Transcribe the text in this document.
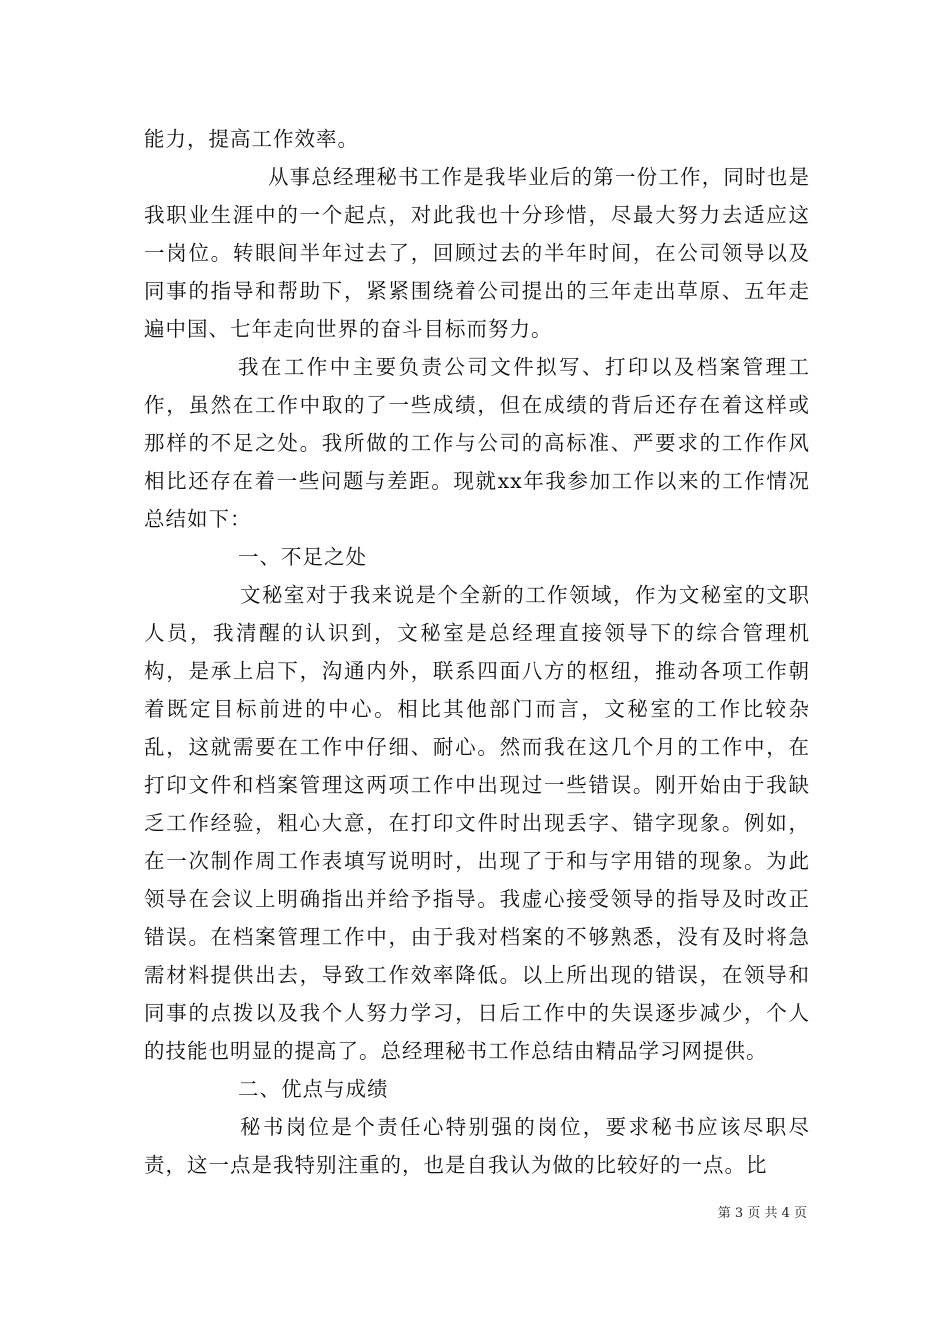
能力，提高工作效率。

从事总经理秘书工作是我毕业后的第一份工作，同时也是我职业生涯中的一个起点，对此我也十分珍惜，尽最大努力去适应这一岗位。转眼间半年过去了，回顾过去的半年时间，在公司领导以及同事的指导和帮助下，紧紧围绕着公司提出的三年走出草原、五年走遍中国、七年走向世界的奋斗目标而努力。

我在工作中主要负责公司文件拟写、打印以及档案管理工作，虽然在工作中取的了一些成绩，但在成绩的背后还存在着这样或那样的不足之处。我所做的工作与公司的高标准、严要求的工作作风相比还存在着一些问题与差距。现就xx年我参加工作以来的工作情况总结如下：

一、不足之处

文秘室对于我来说是个全新的工作领域，作为文秘室的文职人员，我清醒的认识到，文秘室是总经理直接领导下的综合管理机构，是承上启下，沟通内外，联系四面八方的枢纽，推动各项工作朝着既定目标前进的中心。相比其他部门而言，文秘室的工作比较杂乱，这就需要在工作中仔细、耐心。然而我在这几个月的工作中，在打印文件和档案管理这两项工作中出现过一些错误。刚开始由于我缺乏工作经验，粗心大意，在打印文件时出现丢字、错字现象。例如，在一次制作周工作表填写说明时，出现了于和与字用错的现象。为此领导在会议上明确指出并给予指导。我虚心接受领导的指导及时改正错误。在档案管理工作中，由于我对档案的不够熟悉，没有及时将急需材料提供出去，导致工作效率降低。以上所出现的错误，在领导和同事的点拨以及我个人努力学习，日后工作中的失误逐步减少，个人的技能也明显的提高了。总经理秘书工作总结由精品学习网提供。

二、优点与成绩

秘书岗位是个责任心特别强的岗位，要求秘书应该尽职尽责，这一点是我特别注重的，也是自我认为做的比较好的一点。比

第 3 页 共 4 页
